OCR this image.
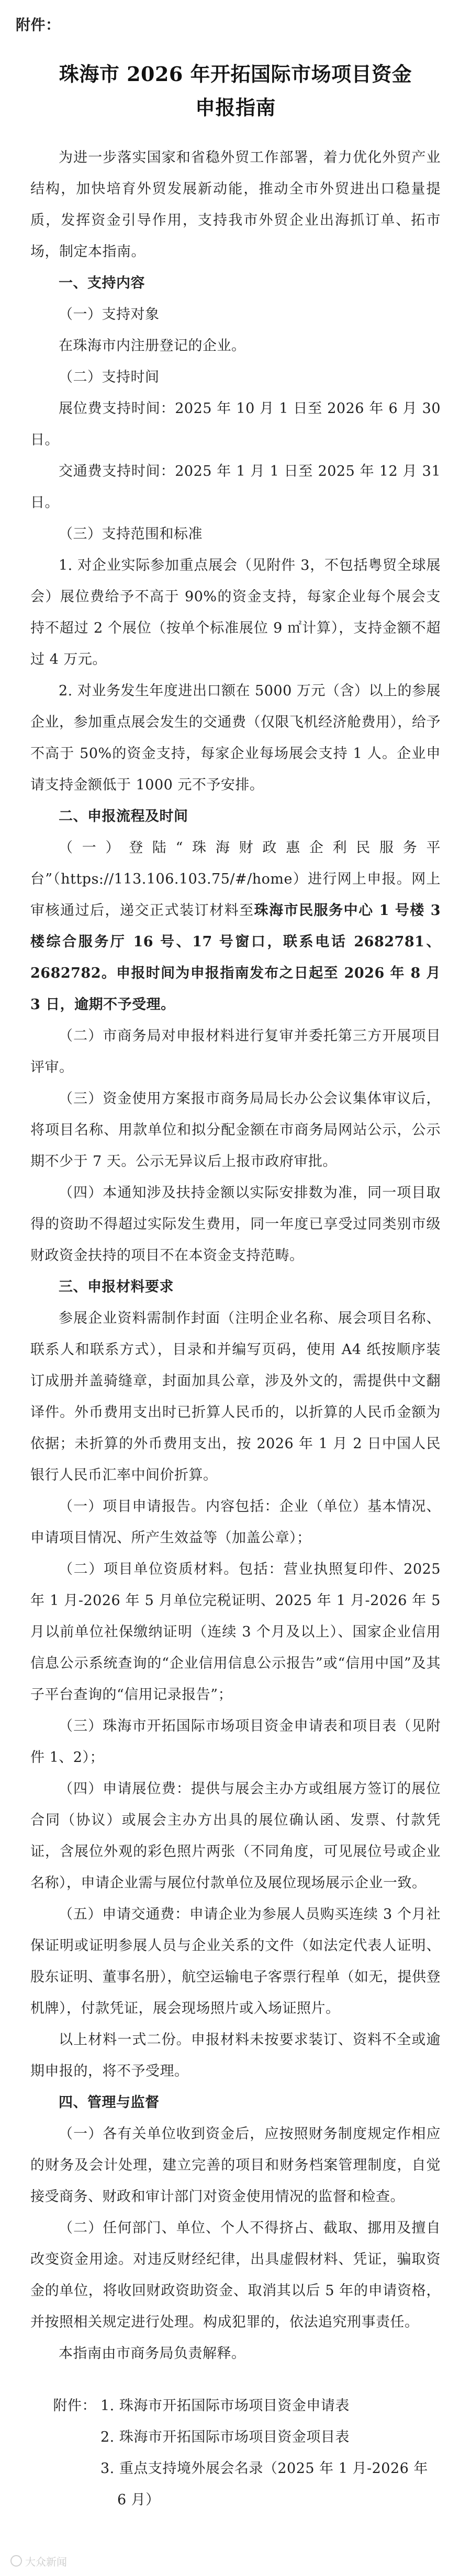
附件：
珠海市 2026 年开拓国际市场项目资金
申报指南

为进一步落实国家和省稳外贸工作部署，着力优化外贸产业结构，加快培育外贸发展新动能，推动全市外贸进出口稳量提质，发挥资金引导作用，支持我市外贸企业出海抓订单、拓市场，制定本指南。

一、支持内容

（一）支持对象

在珠海市内注册登记的企业。

（二）支持时间

展位费支持时间：2025 年 10 月 1 日至 2026 年 6 月 30 日。

交通费支持时间：2025 年 1 月 1 日至 2025 年 12 月 31 日。

（三）支持范围和标准

1. 对企业实际参加重点展会（见附件 3，不包括粤贸全球展会）展位费给予不高于 90%的资金支持，每家企业每个展会支持不超过 2 个展位（按单个标准展位 9 ㎡计算），支持金额不超过 4 万元。

2. 对业务发生年度进出口额在 5000 万元（含）以上的参展企业，参加重点展会发生的交通费（仅限飞机经济舱费用），给予不高于 50%的资金支持，每家企业每场展会支持 1 人。企业申请支持金额低于 1000 元不予安排。

二、申报流程及时间

（一）登陆“珠海财政惠企利民服务平台”（https://113.106.103.75/#/home）进行网上申报。网上审核通过后，递交正式装订材料至珠海市民服务中心 1 号楼 3 楼综合服务厅 16 号、17 号窗口，联系电话 2682781、2682782。申报时间为申报指南发布之日起至 2026 年 8 月 3 日，逾期不予受理。

（二）市商务局对申报材料进行复审并委托第三方开展项目评审。

（三）资金使用方案报市商务局局长办公会议集体审议后，将项目名称、用款单位和拟分配金额在市商务局网站公示，公示期不少于 7 天。公示无异议后上报市政府审批。

（四）本通知涉及扶持金额以实际安排数为准，同一项目取得的资助不得超过实际发生费用，同一年度已享受过同类别市级财政资金扶持的项目不在本资金支持范畴。

三、申报材料要求

参展企业资料需制作封面（注明企业名称、展会项目名称、联系人和联系方式），目录和并编写页码，使用 A4 纸按顺序装订成册并盖骑缝章，封面加具公章，涉及外文的，需提供中文翻译件。外币费用支出时已折算人民币的，以折算的人民币金额为依据；未折算的外币费用支出，按 2026 年 1 月 2 日中国人民银行人民币汇率中间价折算。

（一）项目申请报告。内容包括：企业（单位）基本情况、申请项目情况、所产生效益等（加盖公章）；

（二）项目单位资质材料。包括：营业执照复印件、2025 年 1 月-2026 年 5 月单位完税证明、2025 年 1 月-2026 年 5 月以前单位社保缴纳证明（连续 3 个月及以上）、国家企业信用信息公示系统查询的“企业信用信息公示报告”或“信用中国”及其子平台查询的“信用记录报告”；

（三）珠海市开拓国际市场项目资金申请表和项目表（见附件 1、2）；

（四）申请展位费：提供与展会主办方或组展方签订的展位合同（协议）或展会主办方出具的展位确认函、发票、付款凭证，含展位外观的彩色照片两张（不同角度，可见展位号或企业名称），申请企业需与展位付款单位及展位现场展示企业一致。

（五）申请交通费：申请企业为参展人员购买连续 3 个月社保证明或证明参展人员与企业关系的文件（如法定代表人证明、股东证明、董事名册），航空运输电子客票行程单（如无，提供登机牌），付款凭证，展会现场照片或入场证照片。

以上材料一式二份。申报材料未按要求装订、资料不全或逾期申报的，将不予受理。

四、管理与监督

（一）各有关单位收到资金后，应按照财务制度规定作相应的财务及会计处理，建立完善的项目和财务档案管理制度，自觉接受商务、财政和审计部门对资金使用情况的监督和检查。

（二）任何部门、单位、个人不得挤占、截取、挪用及擅自改变资金用途。对违反财经纪律，出具虚假材料、凭证，骗取资金的单位，将收回财政资助资金、取消其以后 5 年的申请资格，并按照相关规定进行处理。构成犯罪的，依法追究刑事责任。

本指南由市商务局负责解释。

附件： 1. 珠海市开拓国际市场项目资金申请表
2. 珠海市开拓国际市场项目资金项目表
3. 重点支持境外展会名录（2025 年 1 月-2026 年
6 月）
大众新闻
